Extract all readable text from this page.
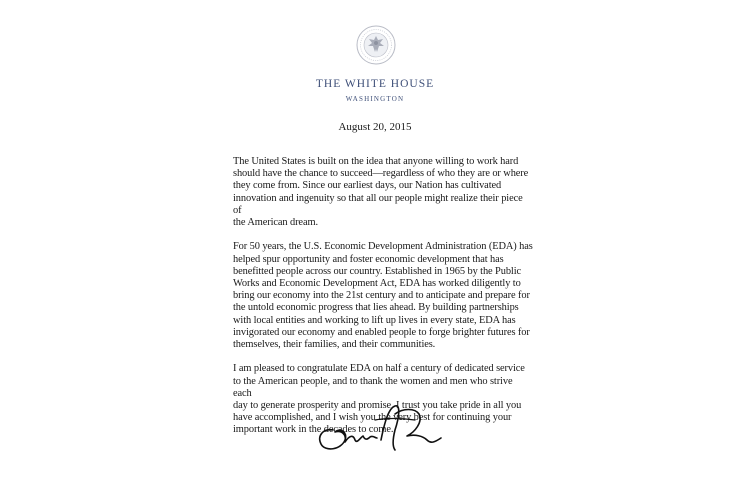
THE WHITE HOUSE
WASHINGTON
August 20, 2015

The United States is built on the idea that anyone willing to work hard
should have the chance to succeed—regardless of who they are or where
they come from. Since our earliest days, our Nation has cultivated
innovation and ingenuity so that all our people might realize their piece of
the American dream.

For 50 years, the U.S. Economic Development Administration (EDA) has
helped spur opportunity and foster economic development that has
benefitted people across our country. Established in 1965 by the Public
Works and Economic Development Act, EDA has worked diligently to
bring our economy into the 21st century and to anticipate and prepare for
the untold economic progress that lies ahead. By building partnerships
with local entities and working to lift up lives in every state, EDA has
invigorated our economy and enabled people to forge brighter futures for
themselves, their families, and their communities.

I am pleased to congratulate EDA on half a century of dedicated service
to the American people, and to thank the women and men who strive each
day to generate prosperity and promise. I trust you take pride in all you
have accomplished, and I wish you the very best for continuing your
important work in the decades to come.
